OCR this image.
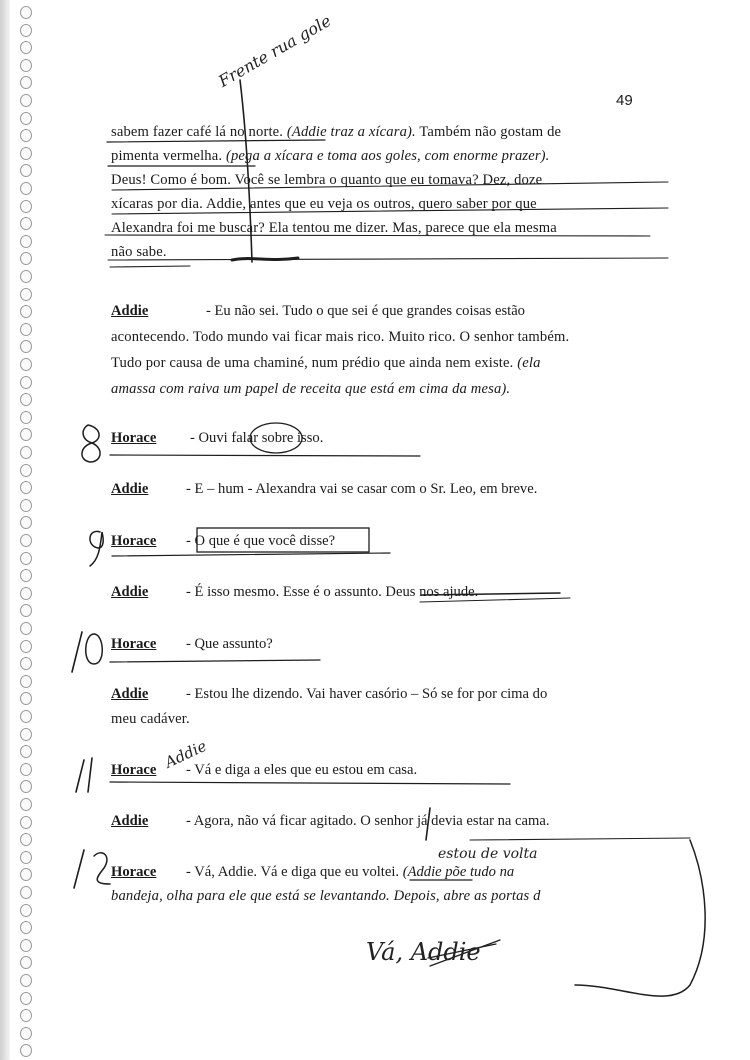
49
sabem fazer café lá no norte. (Addie traz a xícara). Também não gostam de
pimenta vermelha. (pega a xícara e toma aos goles, com enorme prazer).
Deus! Como é bom. Você se lembra o quanto que eu tomava? Dez, doze
xícaras por dia. Addie, antes que eu veja os outros, quero saber por que
Alexandra foi me buscar? Ela tentou me dizer. Mas, parece que ela mesma
não sabe.
Addie	- Eu não sei. Tudo o que sei é que grandes coisas estão
acontecendo. Todo mundo vai ficar mais rico. Muito rico. O senhor também.
Tudo por causa de uma chaminé, num prédio que ainda nem existe. (ela
amassa com raiva um papel de receita que está em cima da mesa).
Horace - Ouvi falar sobre isso.
Addie	- E – hum - Alexandra vai se casar com o Sr. Leo, em breve.
Horace - O que é que você disse?
Addie	- É isso mesmo. Esse é o assunto. Deus nos ajude.
Horace - Que assunto?
Addie	- Estou lhe dizendo. Vai haver casório – Só se for por cima do
meu cadáver.
Horace - Vá e diga a eles que eu estou em casa.
Addie	- Agora, não vá ficar agitado. O senhor já devia estar na cama.
Horace - Vá, Addie. Vá e diga que eu voltei. (Addie põe tudo na
bandeja, olha para ele que está se levantando. Depois, abre as portas d
Frente rua gole
Addie
estou de volta
Vá, Addie
